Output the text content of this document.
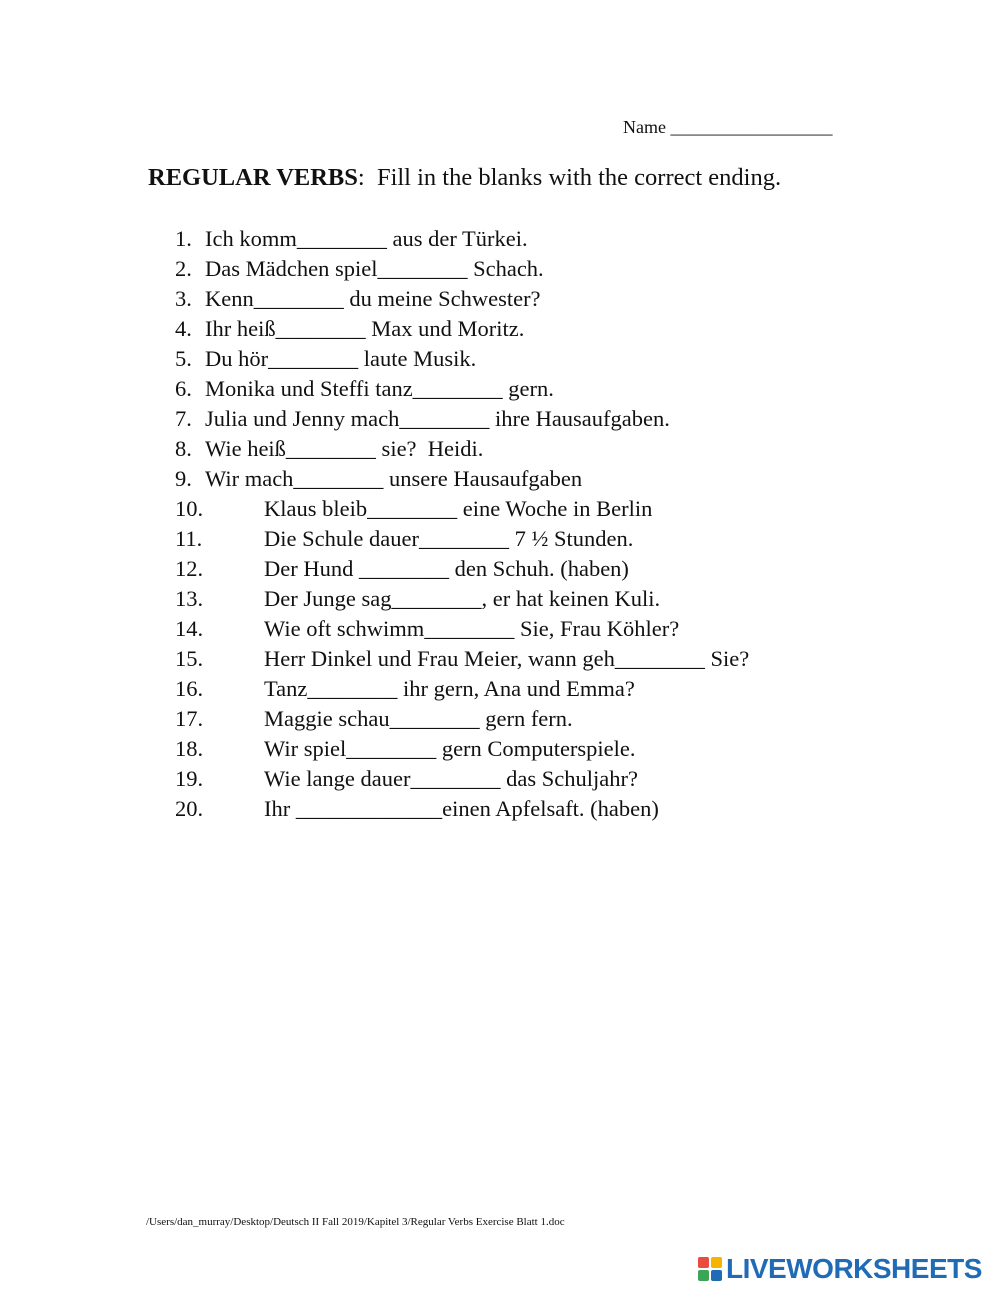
Name __________________
REGULAR VERBS:  Fill in the blanks with the correct ending.
1. Ich komm________ aus der Türkei.
2. Das Mädchen spiel________ Schach.
3. Kenn________ du meine Schwester?
4. Ihr heiß________ Max und Moritz.
5. Du hör________ laute Musik.
6. Monika und Steffi tanz________ gern.
7. Julia und Jenny mach________ ihre Hausaufgaben.
8. Wie heiß________ sie?  Heidi.
9. Wir mach________ unsere Hausaufgaben
10.	Klaus bleib________ eine Woche in Berlin
11.	Die Schule dauer________ 7 ½ Stunden.
12.	Der Hund ________ den Schuh. (haben)
13.	Der Junge sag________, er hat keinen Kuli.
14.	Wie oft schwimm________ Sie, Frau Köhler?
15.	Herr Dinkel und Frau Meier, wann geh________ Sie?
16.	Tanz________ ihr gern, Ana und Emma?
17.	Maggie schau________ gern fern.
18.	Wir spiel________ gern Computerspiele.
19.	Wie lange dauer________ das Schuljahr?
20.	Ihr _____________einen Apfelsaft. (haben)
/Users/dan_murray/Desktop/Deutsch II Fall 2019/Kapitel 3/Regular Verbs Exercise Blatt 1.doc
LIVEWORKSHEETS
